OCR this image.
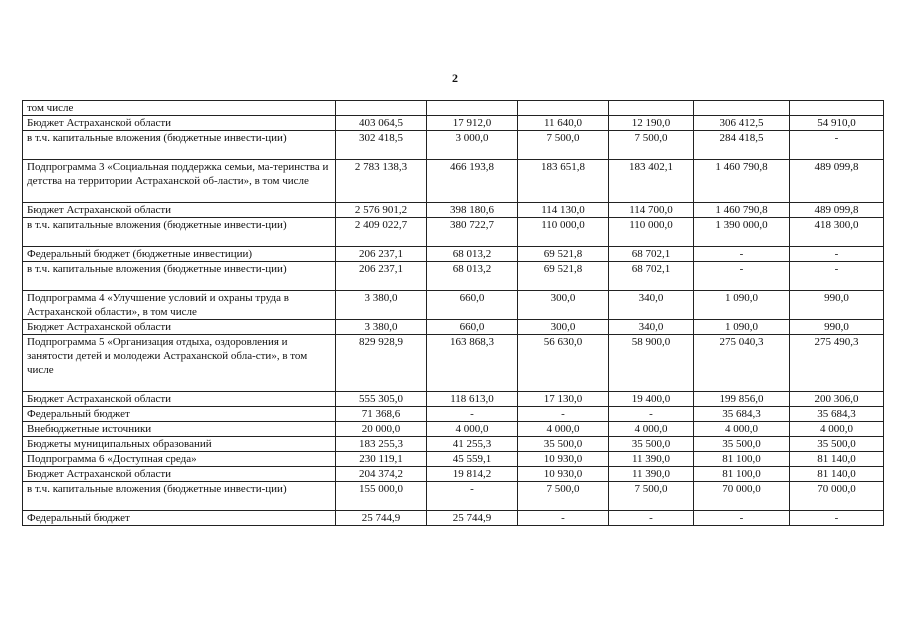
2
том числе						
Бюджет Астраханской области	403 064,5	17 912,0	11 640,0	12 190,0	306 412,5	54 910,0
в т.ч. капитальные вложения (бюджетные инвести-ции)	302 418,5	3 000,0	7 500,0	7 500,0	284 418,5	-
Подпрограмма 3 «Социальная поддержка семьи, ма-теринства и детства на территории Астраханской об-ласти», в том числе	2 783 138,3	466 193,8	183 651,8	183 402,1	1 460 790,8	489 099,8
Бюджет Астраханской области	2 576 901,2	398 180,6	114 130,0	114 700,0	1 460 790,8	489 099,8
в т.ч. капитальные вложения (бюджетные инвести-ции)	2 409 022,7	380 722,7	110 000,0	110 000,0	1 390 000,0	418 300,0
Федеральный бюджет (бюджетные инвестиции)	206 237,1	68 013,2	69 521,8	68 702,1	-	-
в т.ч. капитальные вложения (бюджетные инвести-ции)	206 237,1	68 013,2	69 521,8	68 702,1	-	-
Подпрограмма 4 «Улучшение условий и охраны труда в Астраханской области», в том числе	3 380,0	660,0	300,0	340,0	1 090,0	990,0
Бюджет Астраханской области	3 380,0	660,0	300,0	340,0	1 090,0	990,0
Подпрограмма 5 «Организация отдыха, оздоровления и занятости детей и молодежи Астраханской обла-сти», в том числе	829 928,9	163 868,3	56 630,0	58 900,0	275 040,3	275 490,3
Бюджет Астраханской области	555 305,0	118 613,0	17 130,0	19 400,0	199 856,0	200 306,0
Федеральный бюджет	71 368,6	-	-	-	35 684,3	35 684,3
Внебюджетные источники	20 000,0	4 000,0	4 000,0	4 000,0	4 000,0	4 000,0
Бюджеты муниципальных образований	183 255,3	41 255,3	35 500,0	35 500,0	35 500,0	35 500,0
Подпрограмма 6 «Доступная среда»	230 119,1	45 559,1	10 930,0	11 390,0	81 100,0	81 140,0
Бюджет Астраханской области	204 374,2	19 814,2	10 930,0	11 390,0	81 100,0	81 140,0
в т.ч. капитальные вложения (бюджетные инвести-ции)	155 000,0	-	7 500,0	7 500,0	70 000,0	70 000,0
Федеральный бюджет	25 744,9	25 744,9	-	-	-	-
